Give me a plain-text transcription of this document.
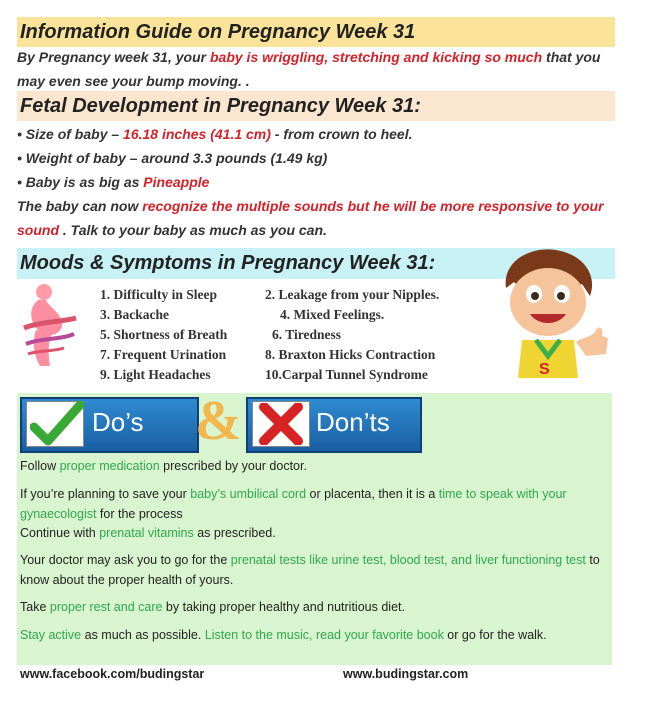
Information Guide on Pregnancy Week 31
By Pregnancy week 31, your baby is wriggling, stretching and kicking so much that you may even see your bump moving. .
Fetal Development in Pregnancy Week 31:
• Size of baby – 16.18 inches (41.1 cm) - from crown to heel.
• Weight of baby – around 3.3 pounds (1.49 kg)
• Baby is as big as Pineapple
The baby can now recognize the multiple sounds but he will be more responsive to your sound . Talk to your baby as much as you can.
Moods & Symptoms in Pregnancy Week 31:
1. Difficulty in Sleep	2. Leakage from your Nipples.
3. Backache	4. Mixed Feelings.
5. Shortness of Breath	6. Tiredness
7. Frequent Urination	8. Braxton Hicks Contraction
9. Light Headaches	10.Carpal Tunnel Syndrome	S
Do’s &	Don’ts
Follow proper medication prescribed by your doctor.
If you’re planning to save your baby’s umbilical cord or placenta, then it is a time to speak with your gynaecologist for the process
Continue with prenatal vitamins as prescribed.
Your doctor may ask you to go for the prenatal tests like urine test, blood test, and liver functioning test to know about the proper health of yours.
Take proper rest and care by taking proper healthy and nutritious diet.
Stay active as much as possible. Listen to the music, read your favorite book or go for the walk.
www.facebook.com/budingstar	www.budingstar.com
